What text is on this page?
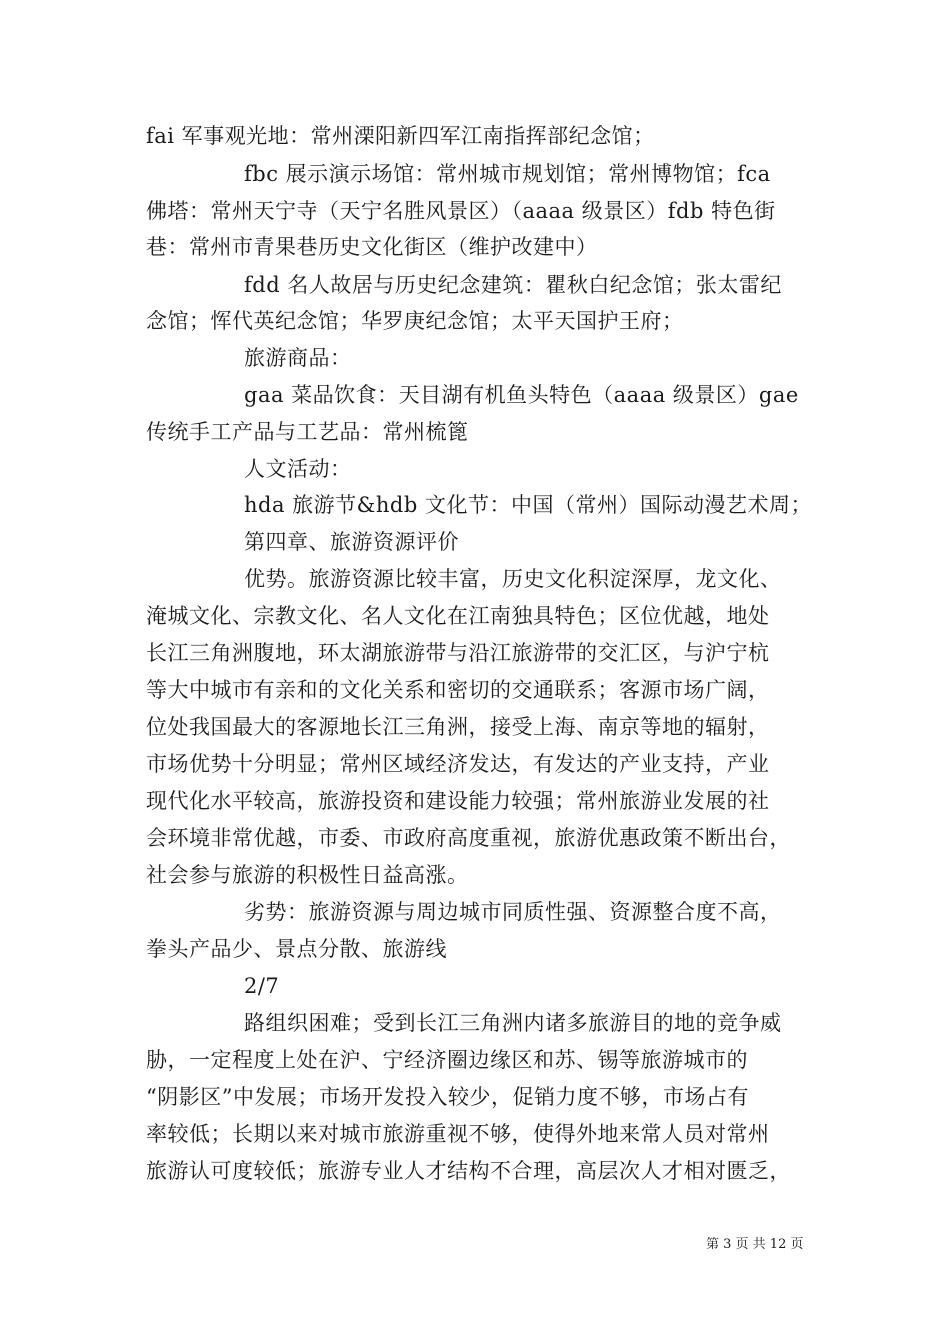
fai 军事观光地：常州溧阳新四军江南指挥部纪念馆；
fbc 展示演示场馆：常州城市规划馆；常州博物馆；fca
佛塔：常州天宁寺（天宁名胜风景区）（aaaa 级景区）fdb 特色街
巷：常州市青果巷历史文化街区（维护改建中）
fdd 名人故居与历史纪念建筑：瞿秋白纪念馆；张太雷纪
念馆；恽代英纪念馆；华罗庚纪念馆；太平天国护王府；
旅游商品：
gaa 菜品饮食：天目湖有机鱼头特色（aaaa 级景区）gae
传统手工产品与工艺品：常州梳篦
人文活动：
hda 旅游节&hdb 文化节：中国（常州）国际动漫艺术周；
第四章、旅游资源评价
优势。旅游资源比较丰富，历史文化积淀深厚，龙文化、
淹城文化、宗教文化、名人文化在江南独具特色；区位优越，地处
长江三角洲腹地，环太湖旅游带与沿江旅游带的交汇区，与沪宁杭
等大中城市有亲和的文化关系和密切的交通联系；客源市场广阔，
位处我国最大的客源地长江三角洲，接受上海、南京等地的辐射，
市场优势十分明显；常州区域经济发达，有发达的产业支持，产业
现代化水平较高，旅游投资和建设能力较强；常州旅游业发展的社
会环境非常优越，市委、市政府高度重视，旅游优惠政策不断出台，
社会参与旅游的积极性日益高涨。
劣势：旅游资源与周边城市同质性强、资源整合度不高，
拳头产品少、景点分散、旅游线
2/7
路组织困难；受到长江三角洲内诸多旅游目的地的竞争威
胁，一定程度上处在沪、宁经济圈边缘区和苏、锡等旅游城市的
“阴影区”中发展；市场开发投入较少，促销力度不够，市场占有
率较低；长期以来对城市旅游重视不够，使得外地来常人员对常州
旅游认可度较低；旅游专业人才结构不合理，高层次人才相对匮乏，
第 3 页 共 12 页
